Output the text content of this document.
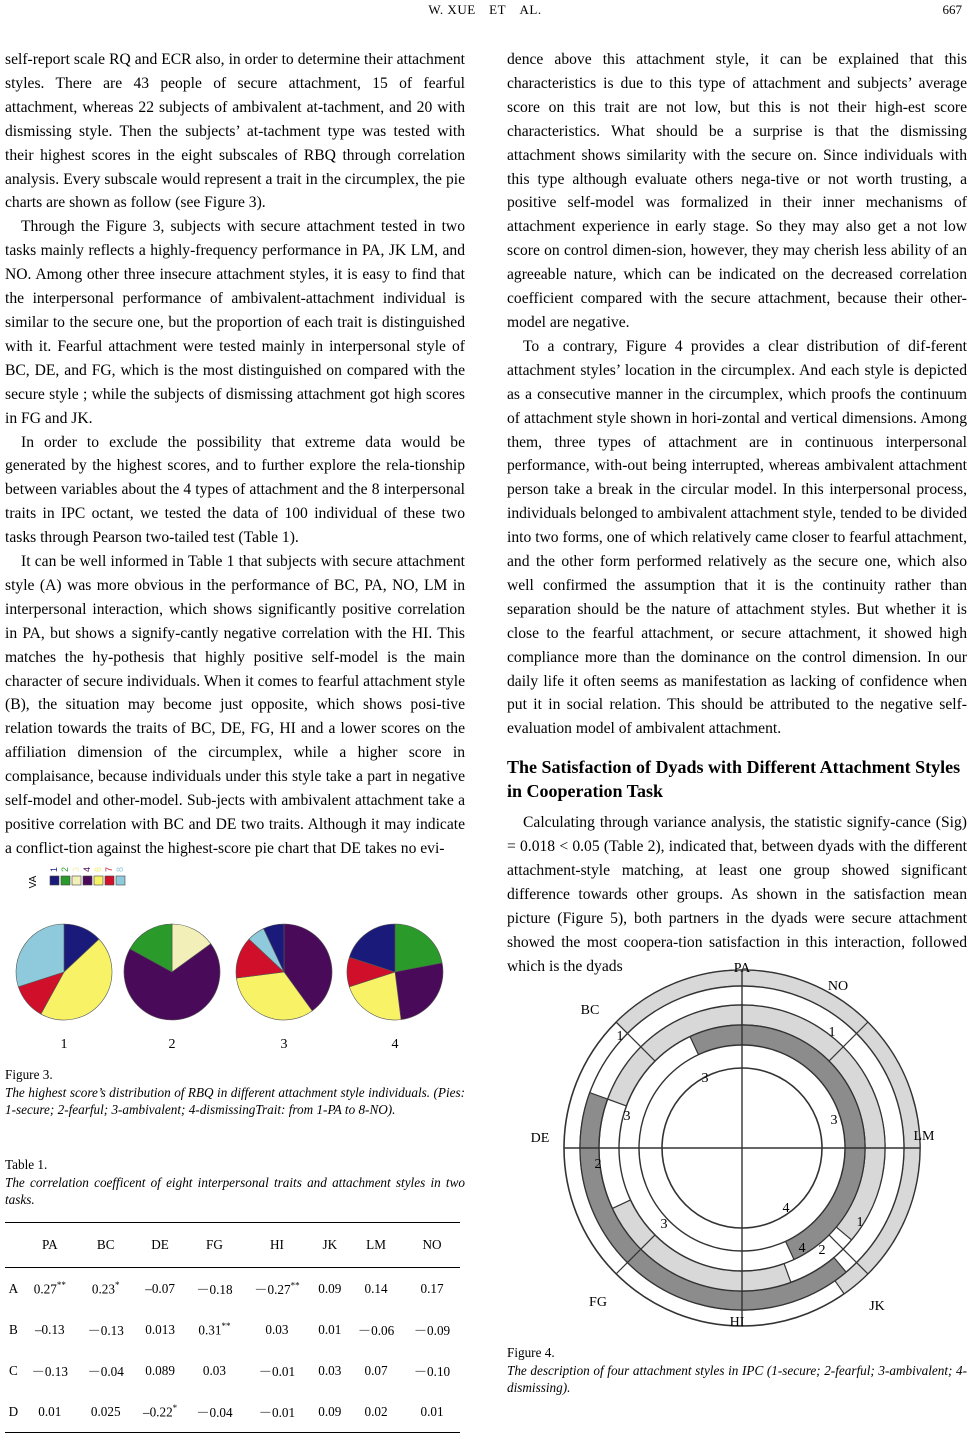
W. XUE ET AL.	667

self-report scale RQ and ECR also, in order to determine their attachment styles. There are 43 people of secure attachment, 15 of fearful attachment, whereas 22 subjects of ambivalent at-tachment, and 20 with dismissing style. Then the subjects’ at-tachment type was tested with their highest scores in the eight subscales of RBQ through correlation analysis. Every subscale would represent a trait in the circumplex, the pie charts are shown as follow (see Figure 3).

Through the Figure 3, subjects with secure attachment tested in two tasks mainly reflects a highly-frequency performance in PA, JK LM, and NO. Among other three insecure attachment styles, it is easy to find that the interpersonal performance of ambivalent-attachment individual is similar to the secure one, but the proportion of each trait is distinguished with it. Fearful attachment were tested mainly in interpersonal style of BC, DE, and FG, which is the most distinguished on compared with the secure style ; while the subjects of dismissing attachment got high scores in FG and JK.

In order to exclude the possibility that extreme data would be generated by the highest scores, and to further explore the rela-tionship between variables about the 4 types of attachment and the 8 interpersonal traits in IPC octant, we tested the data of 100 individual of these two tasks through Pearson two-tailed test (Table 1).

It can be well informed in Table 1 that subjects with secure attachment style (A) was more obvious in the performance of BC, PA, NO, LM in interpersonal interaction, which shows significantly positive correlation in PA, but shows a signify-cantly negative correlation with the HI. This matches the hy-pothesis that highly positive self-model is the main character of secure individuals. When it comes to fearful attachment style (B), the situation may become just opposite, which shows posi-tive relation towards the traits of BC, DE, FG, HI and a lower scores on the affiliation dimension of the circumplex, while a higher score in complaisance, because individuals under this style take a part in negative self-model and other-model. Sub-jects with ambivalent attachment take a positive correlation with BC and DE two traits. Although it may indicate a conflict-tion against the highest-score pie chart that DE takes no evi-

dence above this attachment style, it can be explained that this characteristics is due to this type of attachment and subjects’ average score on this trait are not low, but this is not their high-est score characteristics. What should be a surprise is that the dismissing attachment shows similarity with the secure on. Since individuals with this type although evaluate others nega-tive or not worth trusting, a positive self-model was formalized in their inner mechanisms of attachment experience in early stage. So they may also get a not low score on control dimen-sion, however, they may cherish less ability of an agreeable nature, which can be indicated on the decreased correlation coefficient compared with the secure attachment, because their other-model are negative.

To a contrary, Figure 4 provides a clear distribution of dif-ferent attachment styles’ location in the circumplex. And each style is depicted as a consecutive manner in the circumplex, which proofs the continuum of attachment style shown in hori-zontal and vertical dimensions. Among them, three types of attachment are in continuous interpersonal performance, with-out being interrupted, whereas ambivalent attachment person take a break in the circular model. In this interpersonal process, individuals belonged to ambivalent attachment style, tended to be divided into two forms, one of which relatively came closer to fearful attachment, and the other form performed relatively as the secure one, which also well confirmed the assumption that it is the continuity rather than separation should be the nature of attachment styles. But whether it is close to the fearful attachment, or secure attachment, it showed high compliance more than the dominance on the control dimension. In our daily life it often seems as manifestation as lacking of confidence when put it in social relation. This should be attributed to the negative self-evaluation model of ambivalent attachment.

The Satisfaction of Dyads with Different Attachment Styles in Cooperation Task

Calculating through variance analysis, the statistic signify-cance (Sig) = 0.018 < 0.05 (Table 2), indicated that, between dyads with the different attachment-style matching, at least one group showed significant difference towards other groups. As shown in the satisfaction mean picture (Figure 5), both partners in the dyads were secure attachment showed the most coopera-tion satisfaction in this interaction, followed which is the dyads

VA
1 2 3 4 6 7 8
1	2	3	4
Figure 3.
The highest score’s distribution of RBQ in different attachment style individuals. (Pies: 1-secure; 2-fearful; 3-ambivalent; 4-dismissingTrait: from 1-PA to 8-NO).
Table 1.
The correlation coefficent of eight interpersonal traits and attachment styles in two tasks.
	PA	BC	DE	FG	HI	JK	LM	NO
A	0.27**	0.23*	–0.07	－0.18	－0.27**	0.09	0.14	0.17
B	–0.13	－0.13	0.013	0.31**	0.03	0.01	－0.06	－0.09
C	－0.13	－0.04	0.089	0.03	－0.01	0.03	0.07	－0.10
D	0.01	0.025	–0.22*	－0.04	－0.01	0.09	0.02	0.01
PA
NO
LM
JK
HI
FG
DE
BC
1	1
1
3	3
3
2
2
3
4
4
Figure 4.
The description of four attachment styles in IPC (1-secure; 2-fearful; 3-ambivalent; 4-dismissing).
